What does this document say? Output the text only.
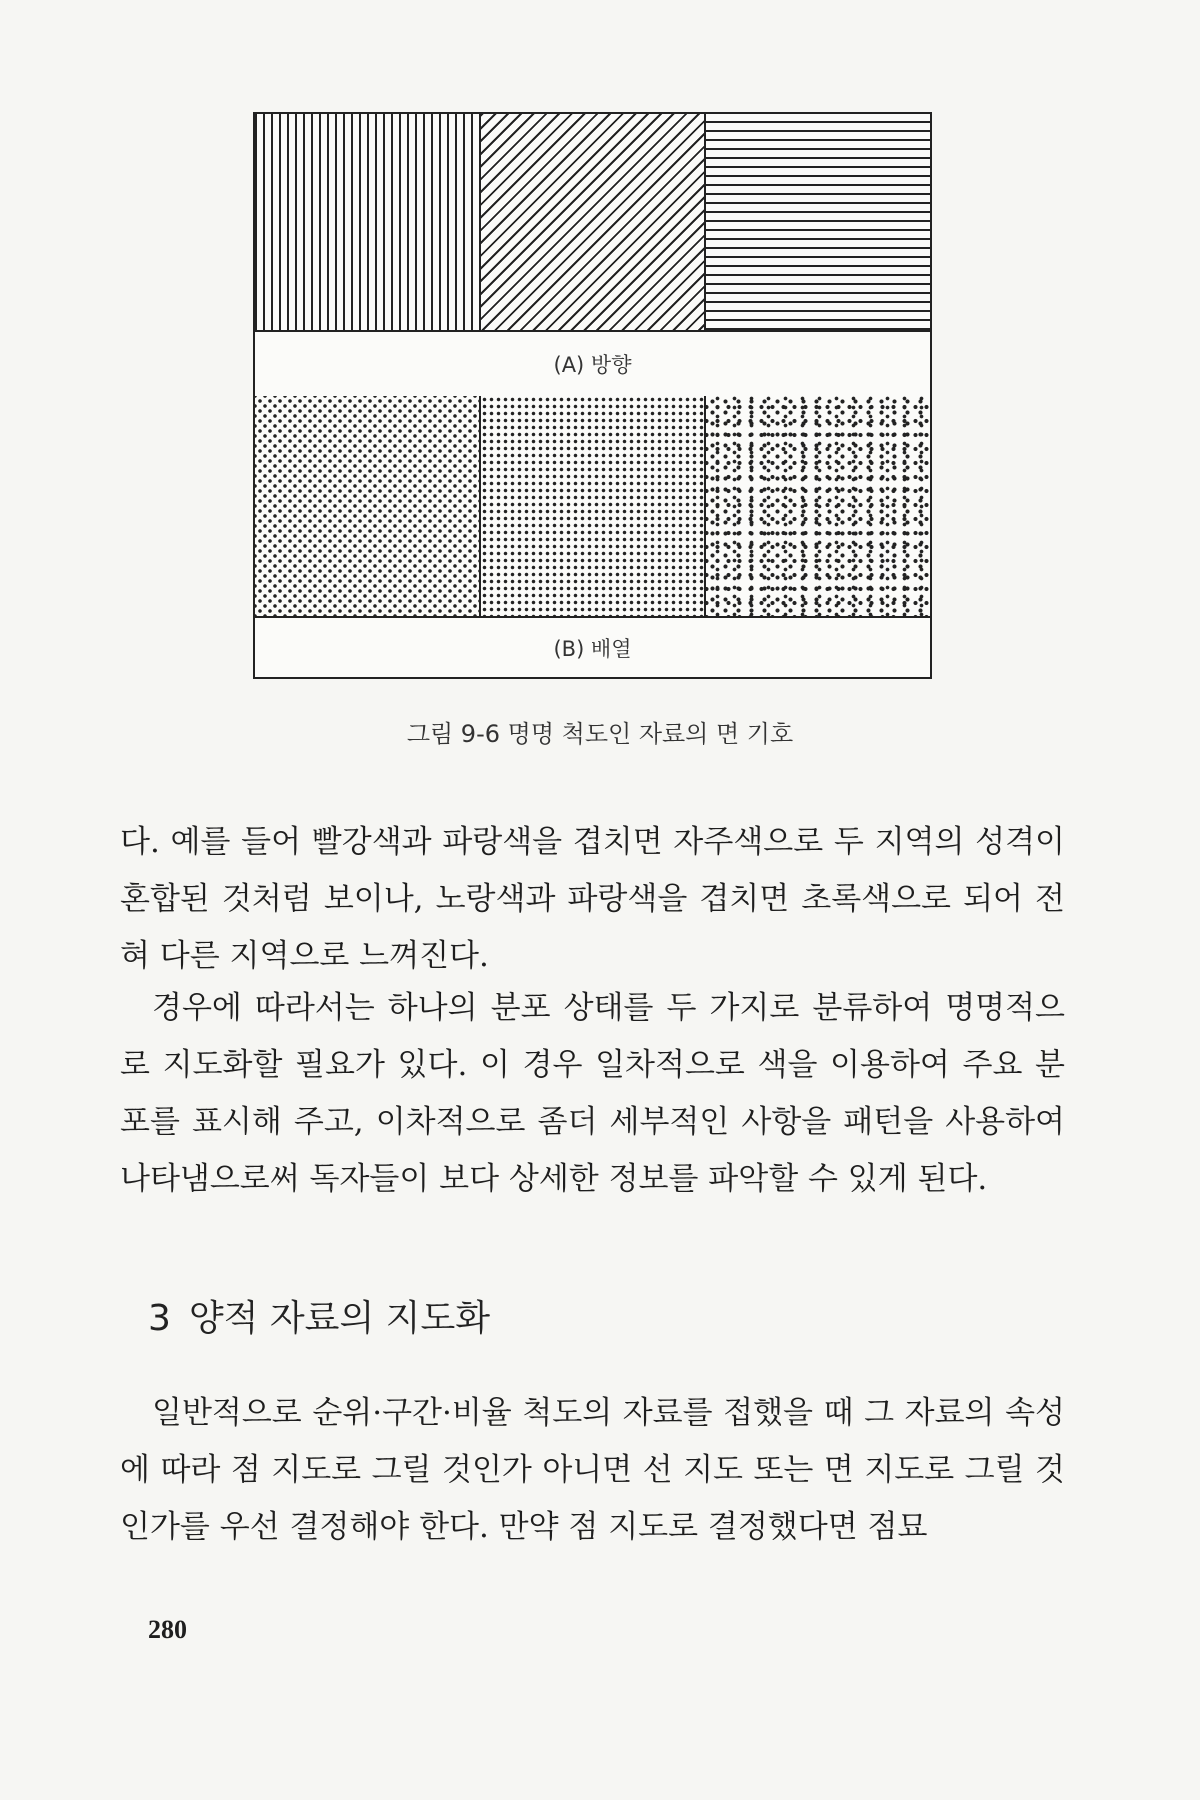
(A) 방향
(B) 배열
그림 9-6 명명 척도인 자료의 면 기호

다. 예를 들어 빨강색과 파랑색을 겹치면 자주색으로 두 지역의 성격이 혼합된 것처럼 보이나, 노랑색과 파랑색을 겹치면 초록색으로 되어 전혀 다른 지역으로 느껴진다.

경우에 따라서는 하나의 분포 상태를 두 가지로 분류하여 명명적으로 지도화할 필요가 있다. 이 경우 일차적으로 색을 이용하여 주요 분포를 표시해 주고, 이차적으로 좀더 세부적인 사항을 패턴을 사용하여 나타냄으로써 독자들이 보다 상세한 정보를 파악할 수 있게 된다.

3 양적 자료의 지도화

일반적으로 순위·구간·비율 척도의 자료를 접했을 때 그 자료의 속성에 따라 점 지도로 그릴 것인가 아니면 선 지도 또는 면 지도로 그릴 것인가를 우선 결정해야 한다. 만약 점 지도로 결정했다면 점묘

280
